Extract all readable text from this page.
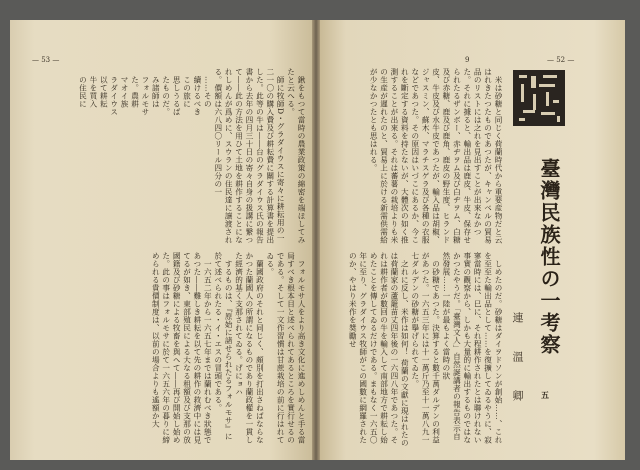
— 53 —

鍬をもつて當時の農業政策の綿密を端ほしてみたと云へる。

師に牧師D・グラダイウスに寄々に耕耘用の一二一〇の購入費及び耕耘費に關する計算書を提出した。此等の牛は――台のグラダイウス氏の報告書から去年の四月三十日の寄々自身の扱講に繋つて――此の方法を用ひて土地を耕作することになれしめんが爲めに、スウランの住民達に譲渡される。價額は六八四〇リール四分の一

……その

續けるべき

この旅に

思しうるば

たものだ。

み諸師は

フォルモサ

た。農耕

マオイ族

ラダイウス

以て耕耘

牛を買入

の住民に

フォルモサ人をより高き文化に進めしめんと手る當局すべき根本目と述べられてあるところを實行せるのである。そして一文作習慣は甘蔗栽培の前に行はれてゐる。

蘭國政府のそれと同じく、頗別を打出さねばならなかつた蘭國人の所謂になるものであり蘭政權を一貫した經濟的基く支那されてゐる。げにョハ

するものは、『原始に諸せられたるフォルモサ』に於て述べられたる・イ・エスの冒頭である。

一六五二年から一六五七年までは蘭れむべき狀態であつた――難しき耕耘を以て先の耕作の救濟中には見てるが如き、東部殖民による大なる租額及び支那の放國籍及び砂糖による牧畜を與へて――再び開始し始めた。此の事はフォルモサに於て一六五六年の暮りに締められる貴價制度は、以前の場合よりも遙額か大

— 52 —
9

米は砂糖と同じく荷蘭時代から重要産物だと云はれきたつたものであつたが、キャンベルの貿易品のリストには之れを見出すことが出來なかつた。それに據ると、輸出品は鹿皮、牛皮、保存せられたるザンボー、赤ヂヲム及び白ヂヲム、白糖及び赤糖、鹿及び鹿角、鹿皮の野生度、ヒランド皮、牛皮及び水牛皮であつたが、輸入品は胡椒、ジャスミン、蘇木、マラチスゲラ及び各種の衣服などであつた。その原因はいづこにあるか、今これを斷定する資料を持たないが、大體次の如く推測することが出來る。それは蕃薯の栽培よりも米の生産が遲れたのと、貿易上に於ける新需供需給が少なかつたとも思はれる。

しめたのだ。砂糖はダイヲドソンが創始……、これを至至た輸出品として……を復擴してゐるやうに、寂寥當時には、巳に、それ程耕作されたとは聯けれない事實の觀察から、しかも大量的に輸出するものではなかつたやうだ。「臺灣文人」自然誕講者の報告表示自然發展……一陸が最もよく當時の狀

の砂糖であつた。決算すると數千萬ダルデンの利益があつた。一六五三年には十一萬斤乃至十一萬八九一七ダルデンの砂糖が擧げられてゐた。

之れに反し、米作は如何！ 荷蘭の文獻に現はれたのは荷蘭家の蘆籠苗丈四年後の一六四八年であつた。それは耕作者が數回の牛を輸入して南部地方で耕耘し始めたことを傳してゐるだけである。まもなく一六五〇年に至り、グラダイウス牧師がこの國數に網羅されたのか、やはり米作を奬勵せ	臺灣民族性の一考察
五
連溫卿
